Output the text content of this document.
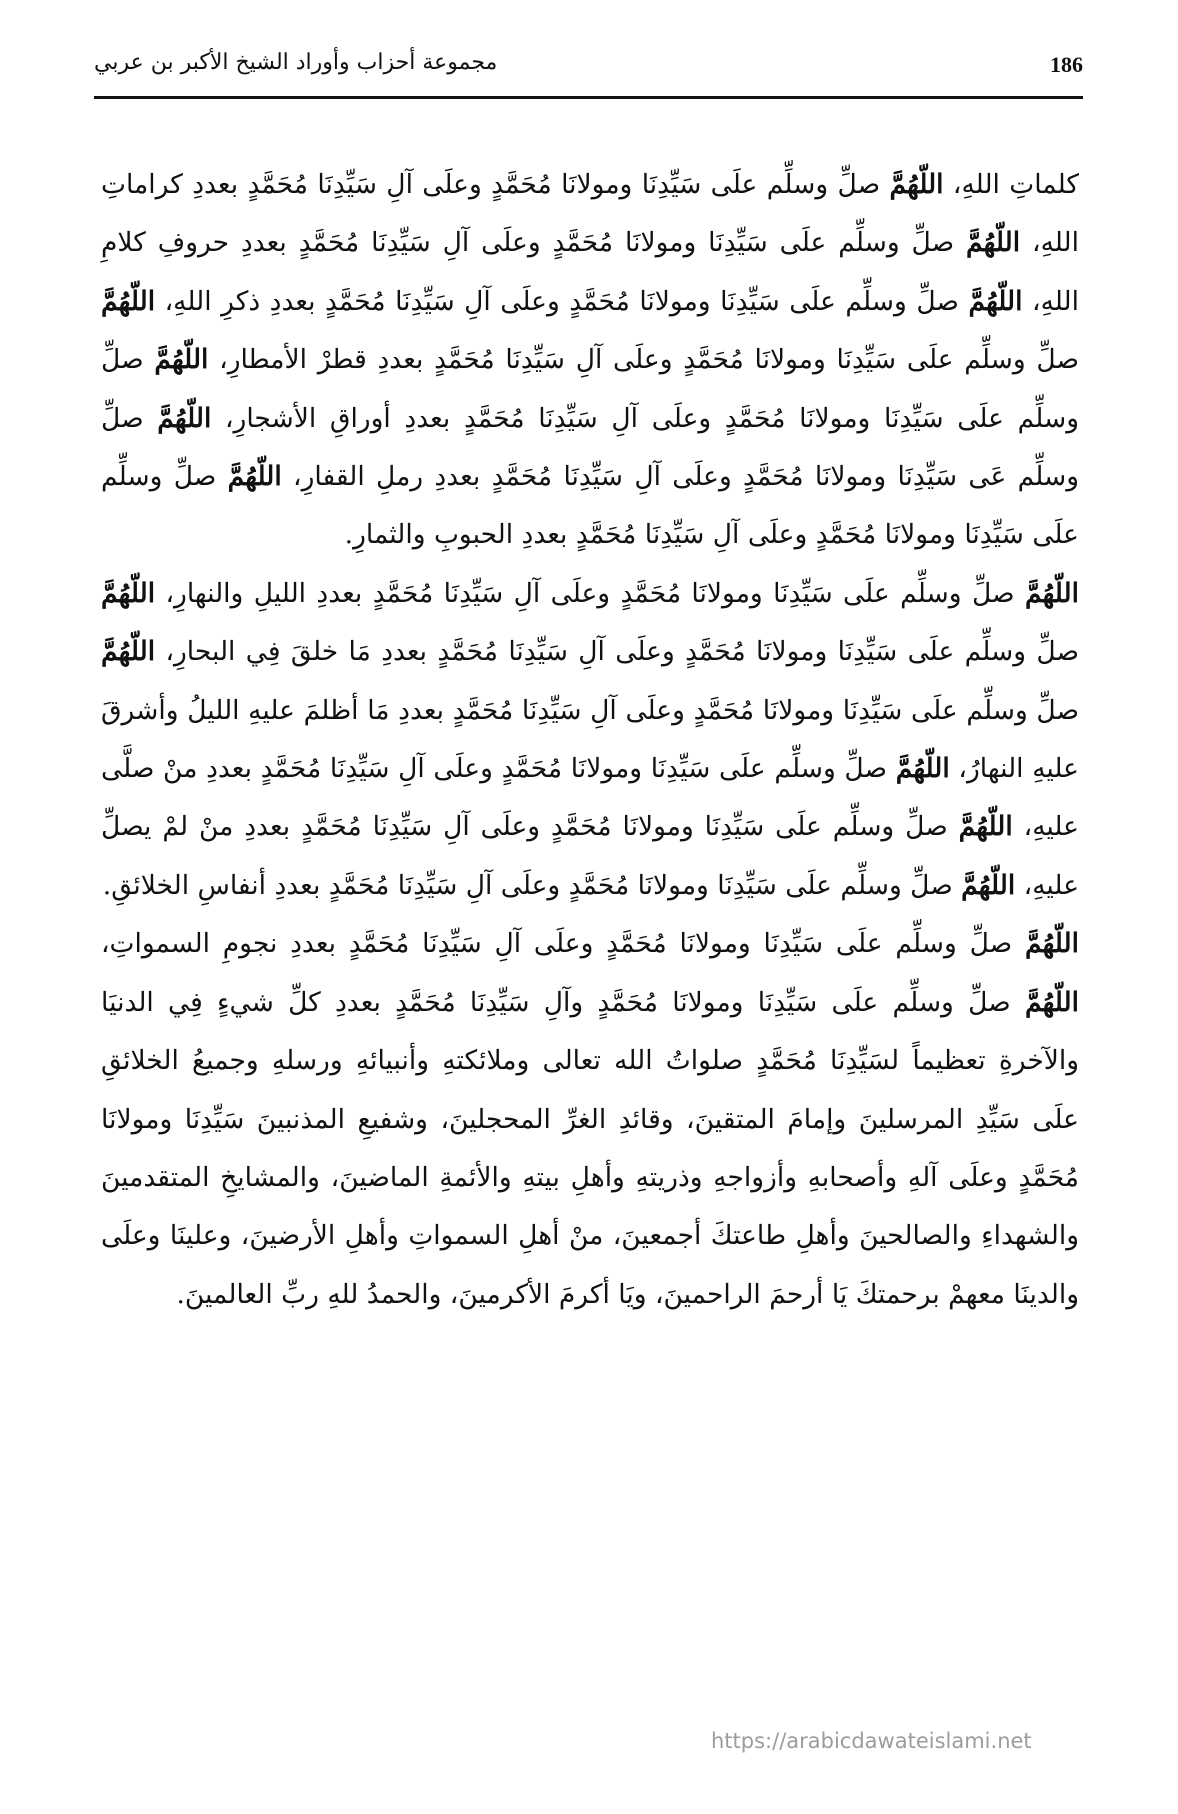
186
مجموعة أحزاب وأوراد الشيخ الأكبر بن عربي

كلماتِ اللهِ، اللّهُمَّ صلِّ وسلِّم علَى سَيِّدِنَا ومولانَا مُحَمَّدٍ وعلَى آلِ سَيِّدِنَا مُحَمَّدٍ بعددِ كراماتِ اللهِ، اللّهُمَّ صلِّ وسلِّم علَى سَيِّدِنَا ومولانَا مُحَمَّدٍ وعلَى آلِ سَيِّدِنَا مُحَمَّدٍ بعددِ حروفِ كلامِ اللهِ، اللّهُمَّ صلِّ وسلِّم علَى سَيِّدِنَا ومولانَا مُحَمَّدٍ وعلَى آلِ سَيِّدِنَا مُحَمَّدٍ بعددِ ذكرِ اللهِ، اللّهُمَّ صلِّ وسلِّم علَى سَيِّدِنَا ومولانَا مُحَمَّدٍ وعلَى آلِ سَيِّدِنَا مُحَمَّدٍ بعددِ قطرْ الأمطارِ، اللّهُمَّ صلِّ وسلِّم علَى سَيِّدِنَا ومولانَا مُحَمَّدٍ وعلَى آلِ سَيِّدِنَا مُحَمَّدٍ بعددِ أوراقِ الأشجارِ، اللّهُمَّ صلِّ وسلِّم عَى سَيِّدِنَا ومولانَا مُحَمَّدٍ وعلَى آلِ سَيِّدِنَا مُحَمَّدٍ بعددِ رملِ القفارِ، اللّهُمَّ صلِّ وسلِّم علَى سَيِّدِنَا ومولانَا مُحَمَّدٍ وعلَى آلِ سَيِّدِنَا مُحَمَّدٍ بعددِ الحبوبِ والثمارِ.

اللّهُمَّ صلِّ وسلِّم علَى سَيِّدِنَا ومولانَا مُحَمَّدٍ وعلَى آلِ سَيِّدِنَا مُحَمَّدٍ بعددِ الليلِ والنهارِ، اللّهُمَّ صلِّ وسلِّم علَى سَيِّدِنَا ومولانَا مُحَمَّدٍ وعلَى آلِ سَيِّدِنَا مُحَمَّدٍ بعددِ مَا خلقَ فِي البحارِ، اللّهُمَّ صلِّ وسلِّم علَى سَيِّدِنَا ومولانَا مُحَمَّدٍ وعلَى آلِ سَيِّدِنَا مُحَمَّدٍ بعددِ مَا أظلمَ عليهِ الليلُ وأشرقَ عليهِ النهارُ، اللّهُمَّ صلِّ وسلِّم علَى سَيِّدِنَا ومولانَا مُحَمَّدٍ وعلَى آلِ سَيِّدِنَا مُحَمَّدٍ بعددِ منْ صلَّى عليهِ، اللّهُمَّ صلِّ وسلِّم علَى سَيِّدِنَا ومولانَا مُحَمَّدٍ وعلَى آلِ سَيِّدِنَا مُحَمَّدٍ بعددِ منْ لمْ يصلِّ عليهِ، اللّهُمَّ صلِّ وسلِّم علَى سَيِّدِنَا ومولانَا مُحَمَّدٍ وعلَى آلِ سَيِّدِنَا مُحَمَّدٍ بعددِ أنفاسِ الخلائقِ.

اللّهُمَّ صلِّ وسلِّم علَى سَيِّدِنَا ومولانَا مُحَمَّدٍ وعلَى آلِ سَيِّدِنَا مُحَمَّدٍ بعددِ نجومِ السمواتِ، اللّهُمَّ صلِّ وسلِّم علَى سَيِّدِنَا ومولانَا مُحَمَّدٍ وآلِ سَيِّدِنَا مُحَمَّدٍ بعددِ كلِّ شيءٍ فِي الدنيَا والآخرةِ تعظيماً لسَيِّدِنَا مُحَمَّدٍ صلواتُ الله تعالى وملائكتهِ وأنبيائهِ ورسلهِ وجميعُ الخلائقِ علَى سَيِّدِ المرسلينَ وإمامَ المتقينَ، وقائدِ الغرِّ المحجلينَ، وشفيعِ المذنبينَ سَيِّدِنَا ومولانَا مُحَمَّدٍ وعلَى آلهِ وأصحابهِ وأزواجهِ وذريتهِ وأهلِ بيتهِ والأئمةِ الماضينَ، والمشايخِ المتقدمينَ والشهداءِ والصالحينَ وأهلِ طاعتكَ أجمعينَ، منْ أهلِ السمواتِ وأهلِ الأرضينَ، وعلينَا وعلَى والدينَا معهمْ برحمتكَ يَا أرحمَ الراحمينَ، ويَا أكرمَ الأكرمينَ، والحمدُ للهِ ربِّ العالمينَ.

https://arabicdawateislami.net
